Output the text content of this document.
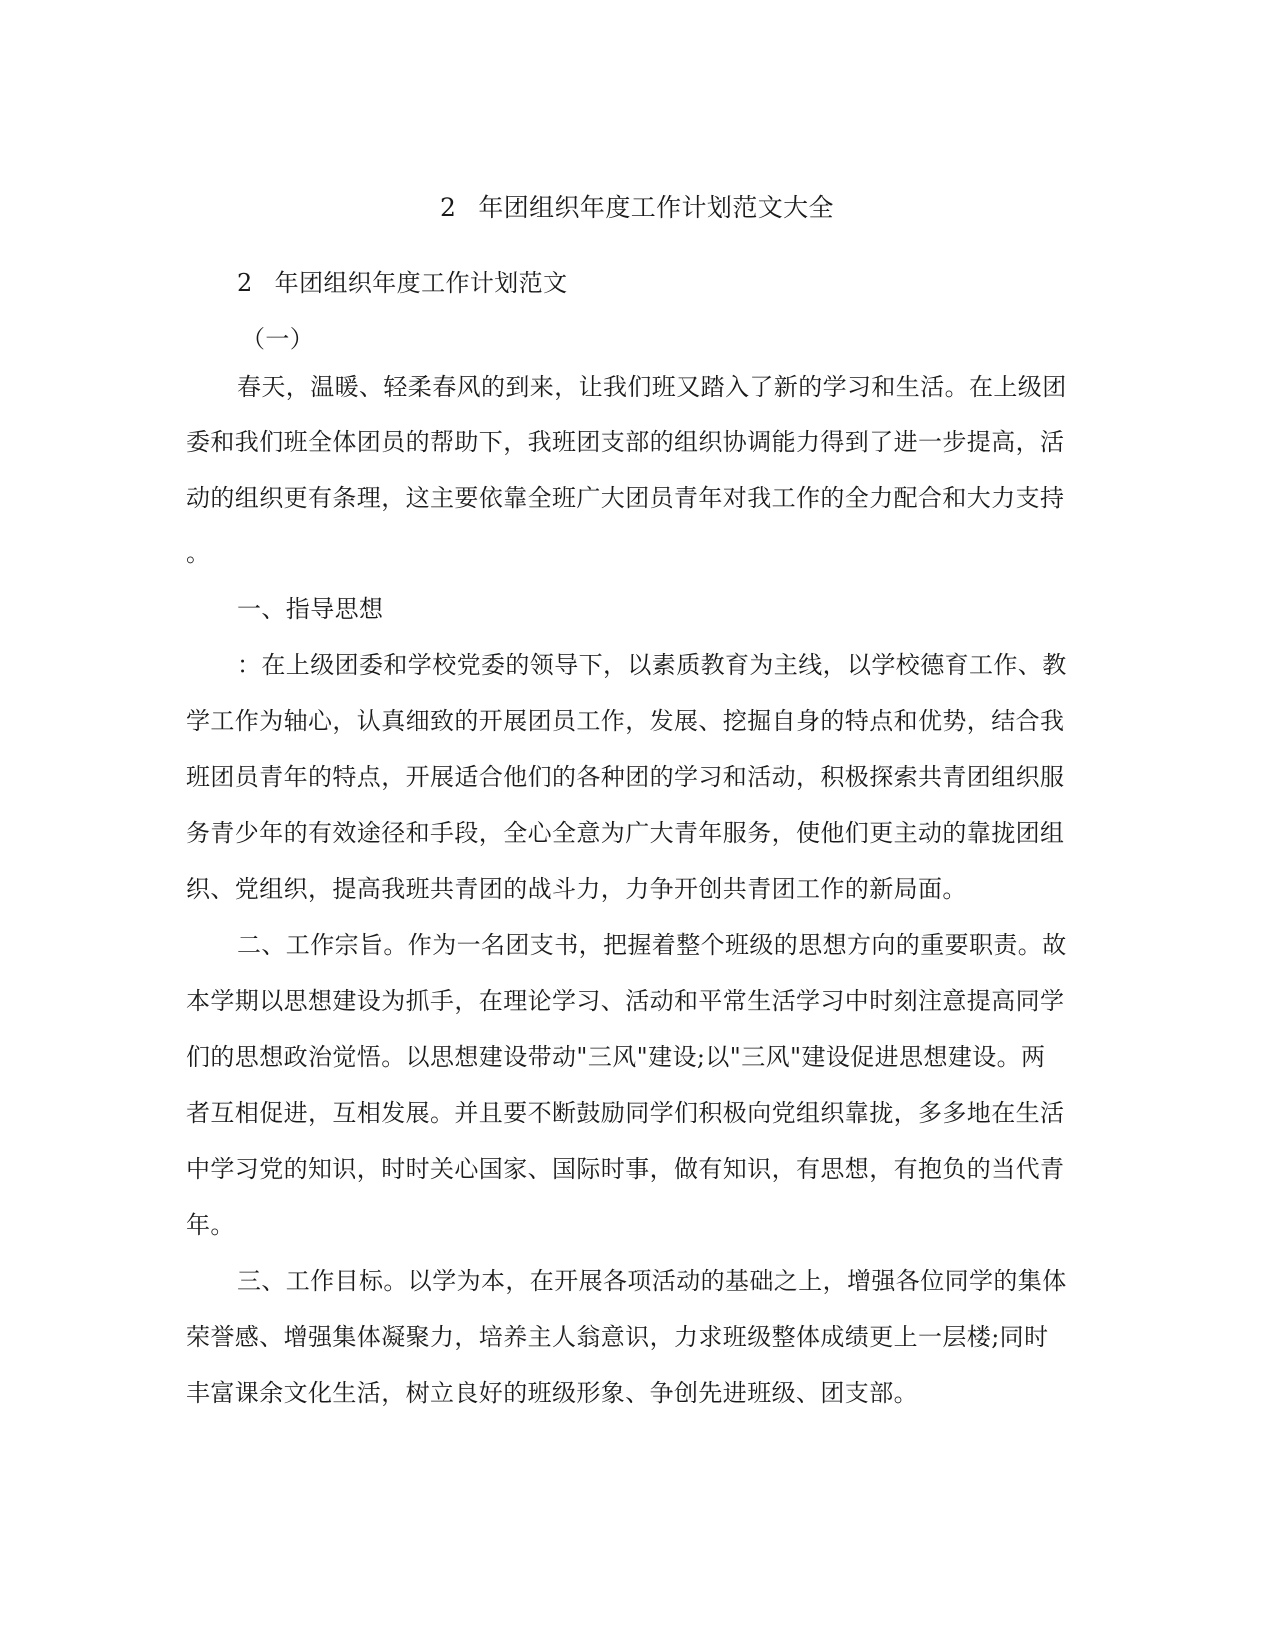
2 年团组织年度工作计划范文大全

2 年团组织年度工作计划范文

（一）

春天，温暖、轻柔春风的到来，让我们班又踏入了新的学习和生活。在上级团

委和我们班全体团员的帮助下，我班团支部的组织协调能力得到了进一步提高，活

动的组织更有条理，这主要依靠全班广大团员青年对我工作的全力配合和大力支持

。

一、指导思想

：在上级团委和学校党委的领导下，以素质教育为主线，以学校德育工作、教

学工作为轴心，认真细致的开展团员工作，发展、挖掘自身的特点和优势，结合我

班团员青年的特点，开展适合他们的各种团的学习和活动，积极探索共青团组织服

务青少年的有效途径和手段，全心全意为广大青年服务，使他们更主动的靠拢团组

织、党组织，提高我班共青团的战斗力，力争开创共青团工作的新局面。

二、工作宗旨。作为一名团支书，把握着整个班级的思想方向的重要职责。故

本学期以思想建设为抓手，在理论学习、活动和平常生活学习中时刻注意提高同学

们的思想政治觉悟。以思想建设带动"三风"建设;以"三风"建设促进思想建设。两

者互相促进，互相发展。并且要不断鼓励同学们积极向党组织靠拢，多多地在生活

中学习党的知识，时时关心国家、国际时事，做有知识，有思想，有抱负的当代青

年。

三、工作目标。以学为本，在开展各项活动的基础之上，增强各位同学的集体

荣誉感、增强集体凝聚力，培养主人翁意识，力求班级整体成绩更上一层楼;同时

丰富课余文化生活，树立良好的班级形象、争创先进班级、团支部。
